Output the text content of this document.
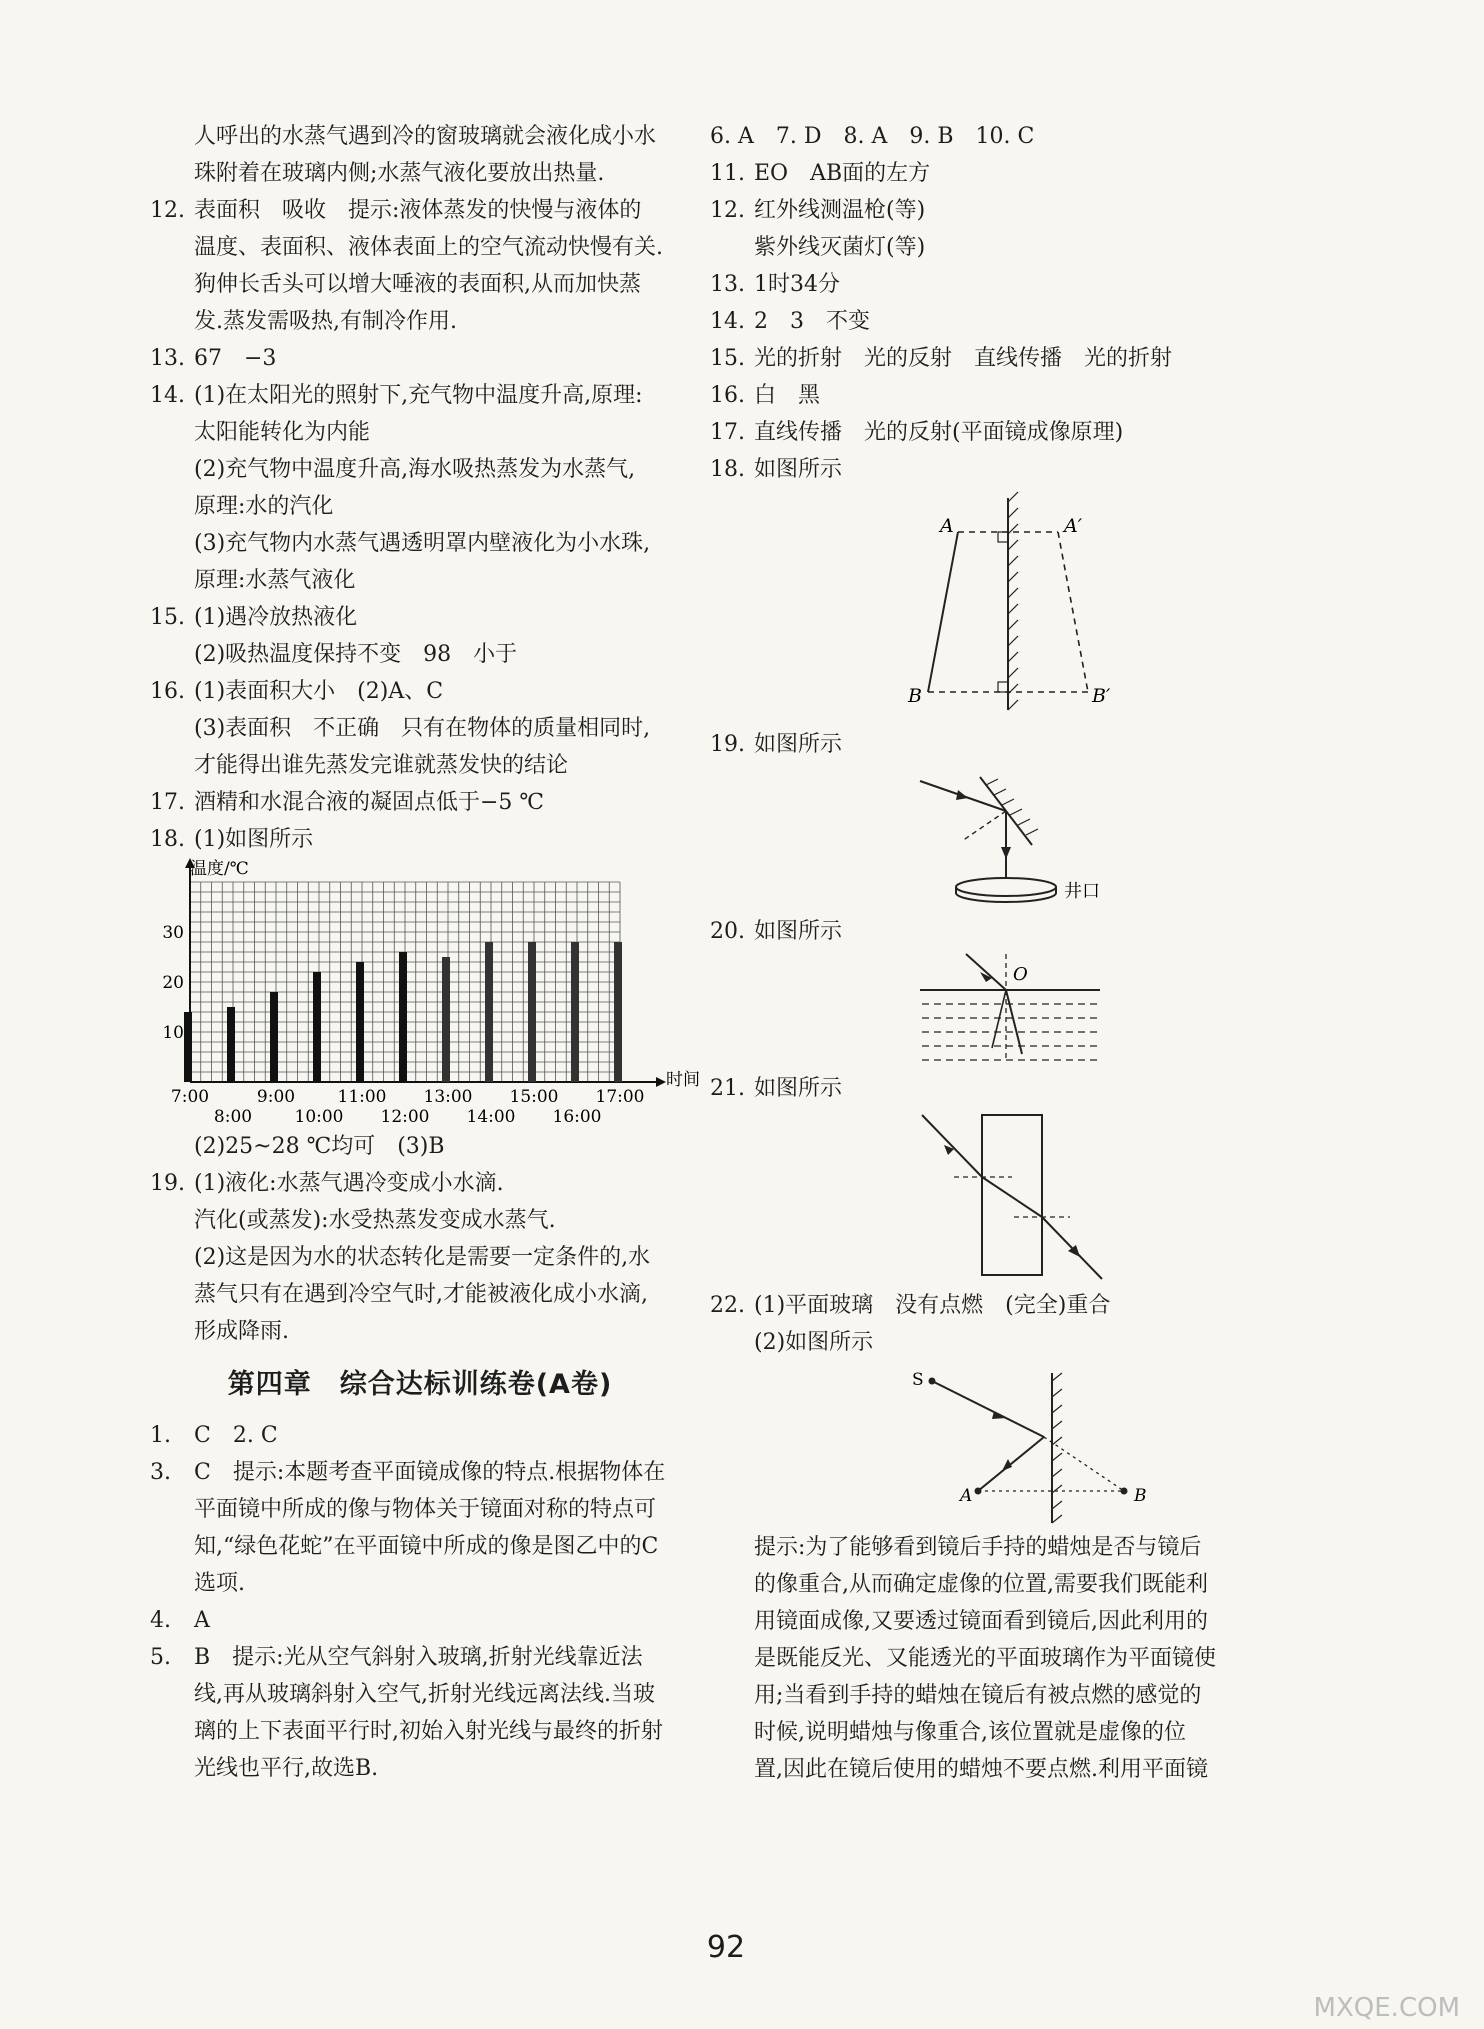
人呼出的水蒸气遇到冷的窗玻璃就会液化成小水
珠附着在玻璃内侧;水蒸气液化要放出热量.
12. 表面积　吸收　提示:液体蒸发的快慢与液体的
温度、表面积、液体表面上的空气流动快慢有关.
狗伸长舌头可以增大唾液的表面积,从而加快蒸
发.蒸发需吸热,有制冷作用.
13. 67　−3
14. (1)在太阳光的照射下,充气物中温度升高,原理:
太阳能转化为内能
(2)充气物中温度升高,海水吸热蒸发为水蒸气,
原理:水的汽化
(3)充气物内水蒸气遇透明罩内壁液化为小水珠,
原理:水蒸气液化
15. (1)遇冷放热液化
(2)吸热温度保持不变　98　小于
16. (1)表面积大小　(2)A、C
(3)表面积　不正确　只有在物体的质量相同时,
才能得出谁先蒸发完谁就蒸发快的结论
17. 酒精和水混合液的凝固点低于−5 ℃
18. (1)如图所示
10
20
30
7:00
8:00
9:00
10:00
11:00
12:00
13:00
14:00
15:00
16:00
17:00
温度/℃
时间
(2)25~28 ℃均可　(3)B
19. (1)液化:水蒸气遇冷变成小水滴.
汽化(或蒸发):水受热蒸发变成水蒸气.
(2)这是因为水的状态转化是需要一定条件的,水
蒸气只有在遇到冷空气时,才能被液化成小水滴,
形成降雨.
第四章　综合达标训练卷(A卷)
1.	C　2. C
3.	C　提示:本题考查平面镜成像的特点.根据物体在
平面镜中所成的像与物体关于镜面对称的特点可
知,“绿色花蛇”在平面镜中所成的像是图乙中的C
选项.
4.	A
5.	B　提示:光从空气斜射入玻璃,折射光线靠近法
线,再从玻璃斜射入空气,折射光线远离法线.当玻
璃的上下表面平行时,初始入射光线与最终的折射
光线也平行,故选B.
6. A　7. D　8. A　9. B　10. C
11. EO　AB面的左方
12. 红外线测温枪(等)
紫外线灭菌灯(等)
13. 1时34分
14. 2　3　不变
15. 光的折射　光的反射　直线传播　光的折射
16. 白　黑
17. 直线传播　光的反射(平面镜成像原理)
18. 如图所示
A	A′
B	B′
19. 如图所示
井口
20. 如图所示
O
21. 如图所示
22. (1)平面玻璃　没有点燃　(完全)重合
(2)如图所示
S
A	B
提示:为了能够看到镜后手持的蜡烛是否与镜后
的像重合,从而确定虚像的位置,需要我们既能利
用镜面成像,又要透过镜面看到镜后,因此利用的
是既能反光、又能透光的平面玻璃作为平面镜使
用;当看到手持的蜡烛在镜后有被点燃的感觉的
时候,说明蜡烛与像重合,该位置就是虚像的位
置,因此在镜后使用的蜡烛不要点燃.利用平面镜
92
MXQE.COM
